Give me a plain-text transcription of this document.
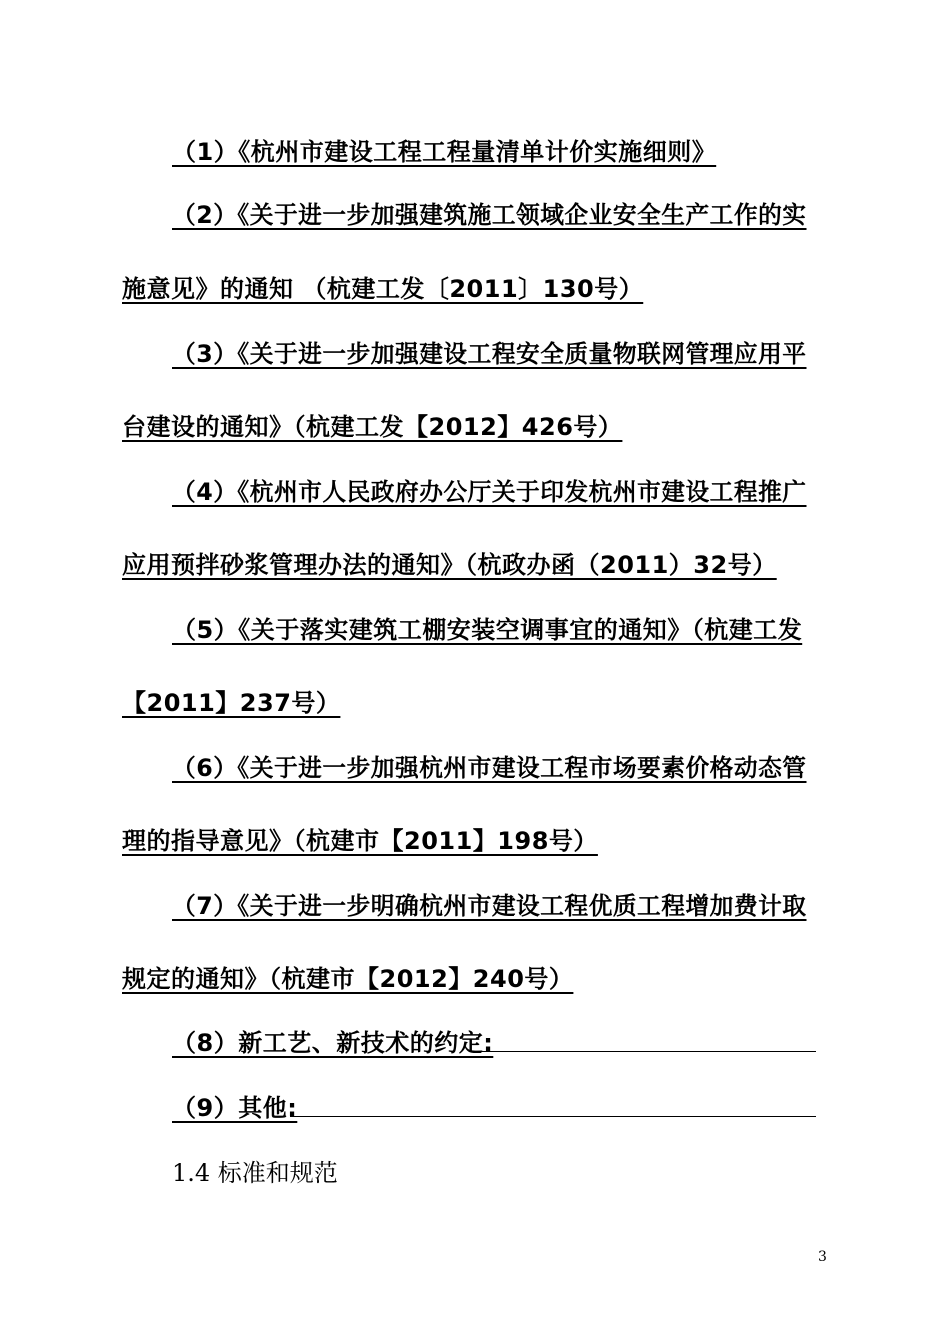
（1）《杭州市建设工程工程量清单计价实施细则》
（2）《关于进一步加强建筑施工领域企业安全生产工作的实
施意见》的通知 （杭建工发〔2011〕130号）
（3）《关于进一步加强建设工程安全质量物联网管理应用平
台建设的通知》（杭建工发【2012】426号）
（4）《杭州市人民政府办公厅关于印发杭州市建设工程推广
应用预拌砂浆管理办法的通知》（杭政办函（2011）32号）
（5）《关于落实建筑工棚安装空调事宜的通知》（杭建工发
【2011】237号）
（6）《关于进一步加强杭州市建设工程市场要素价格动态管
理的指导意见》（杭建市【2011】198号）
（7）《关于进一步明确杭州市建设工程优质工程增加费计取
规定的通知》（杭建市【2012】240号）
（8）新工艺、新技术的约定:
（9）其他:
1.4 标准和规范
3
